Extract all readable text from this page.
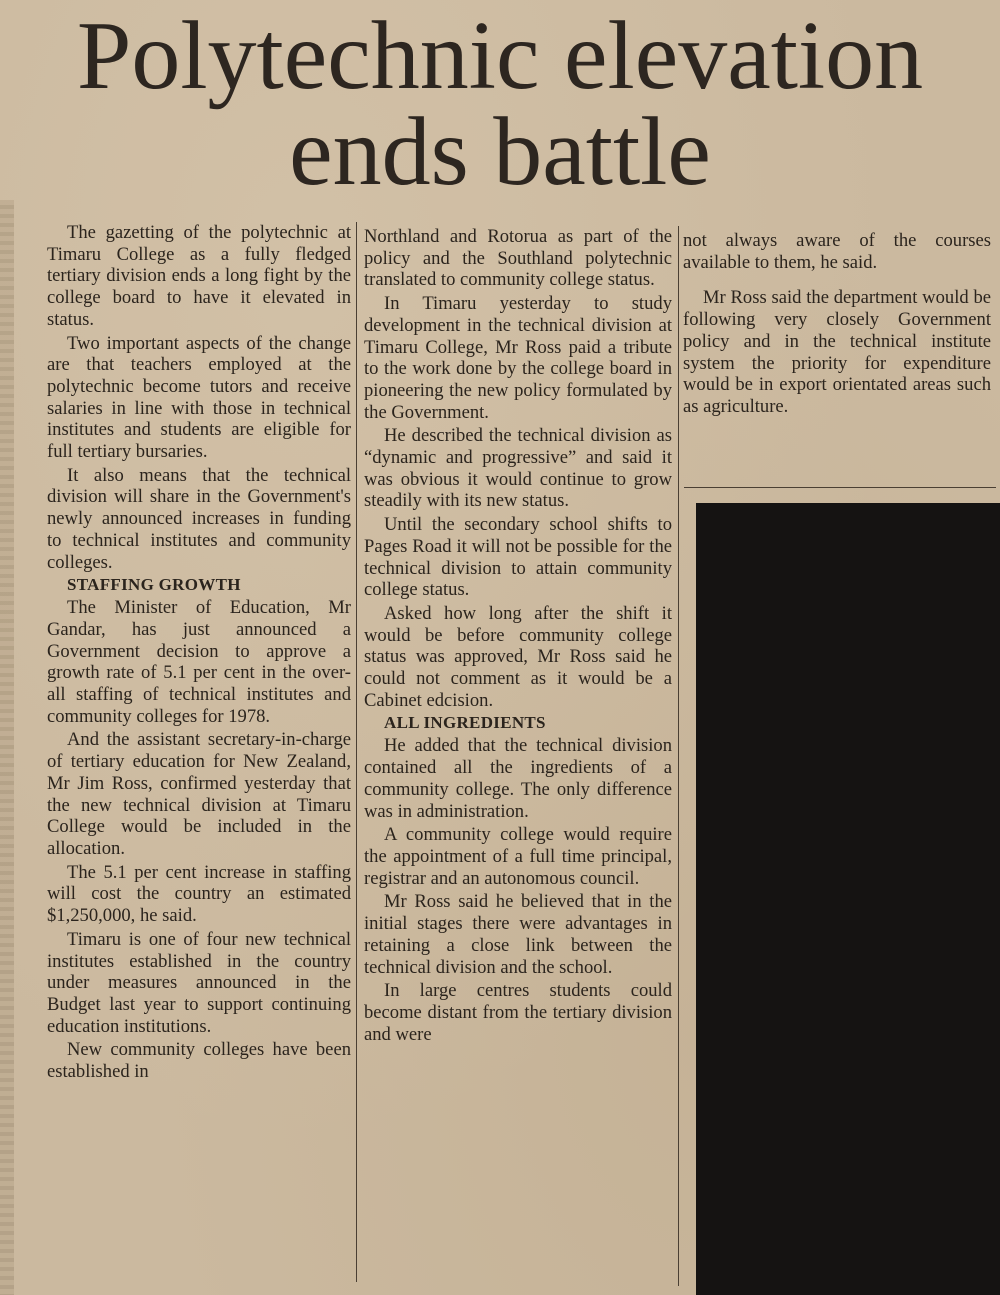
Polytechnic elevation
ends battle

The gazetting of the polytechnic at Timaru College as a fully fledged tertiary division ends a long fight by the college board to have it elevated in status.

Two important aspects of the change are that teachers employed at the polytechnic become tutors and receive salaries in line with those in technical institutes and students are eligible for full tertiary bursaries.

It also means that the technical division will share in the Government's newly announced increases in funding to technical institutes and community colleges.

STAFFING GROWTH

The Minister of Education, Mr Gandar, has just announced a Government decision to approve a growth rate of 5.1 per cent in the over-all staffing of technical institutes and community colleges for 1978.

And the assistant secretary-in-charge of tertiary education for New Zealand, Mr Jim Ross, confirmed yesterday that the new technical division at Timaru College would be included in the allocation.

The 5.1 per cent increase in staffing will cost the country an estimated $1,250,000, he said.

Timaru is one of four new technical institutes established in the country under measures announced in the Budget last year to support continuing education institutions.

New community colleges have been established in

Northland and Rotorua as part of the policy and the Southland polytechnic translated to community college status.

In Timaru yesterday to study development in the technical division at Timaru College, Mr Ross paid a tribute to the work done by the college board in pioneering the new policy formulated by the Government.

He described the technical division as “dynamic and progressive” and said it was obvious it would continue to grow steadily with its new status.

Until the secondary school shifts to Pages Road it will not be possible for the technical division to attain community college status.

Asked how long after the shift it would be before community college status was approved, Mr Ross said he could not comment as it would be a Cabinet edcision.

ALL INGREDIENTS

He added that the technical division contained all the ingredients of a community college. The only difference was in administration.

A community college would require the appointment of a full time principal, registrar and an autonomous council.

Mr Ross said he believed that in the initial stages there were advantages in retaining a close link between the technical division and the school.

In large centres students could become distant from the tertiary division and were

not always aware of the courses available to them, he said.

Mr Ross said the department would be following very closely Government policy and in the technical institute system the priority for expenditure would be in export orientated areas such as agriculture.
